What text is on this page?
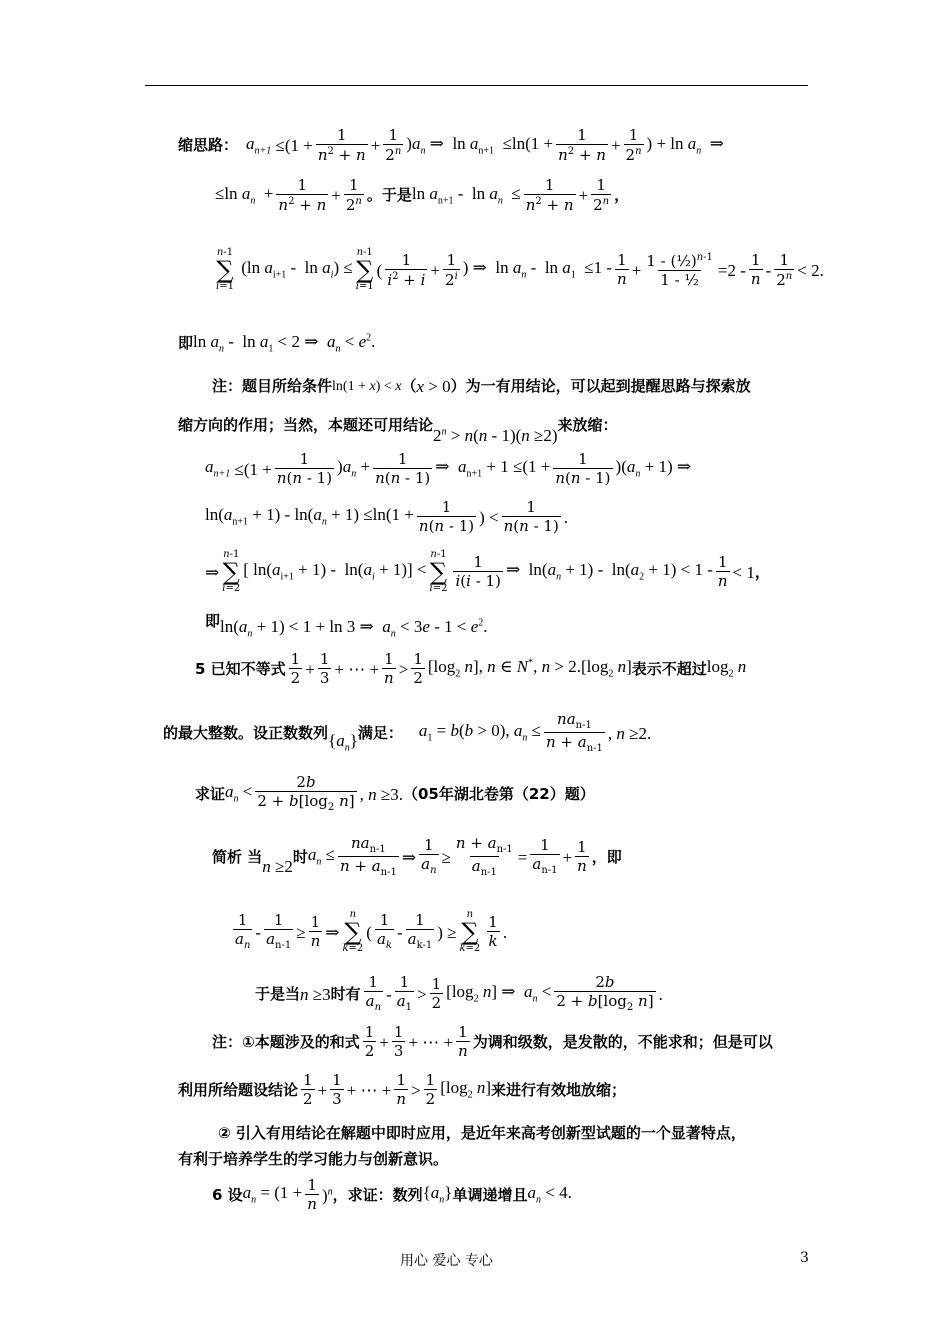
缩思路： $a_{n+1} \le(1 + \frac{1}{n^2 + n} + \frac{1}{2^n} )a_n$ ⇒  $\ln a_{n+1} \le\ln(1 + \frac{1}{n^2 + n} + \frac{1}{2^n}$ ) + $\ln a_n$  ⇒
≤ln $a_n + \frac{1}{n^2 + n} + \frac{1}{2^n}$ 。于是 $\ln a_{n+1} - \ln a_n \le \frac{1}{n^2 + n} + \frac{1}{2^n}$ ，
n-1
∑
i=1
(ln $a_{i+1}$ -  $\ln a_i$) ≤
n-1
∑
i=1
( $\frac{1}{i^2 + i} + \frac{1}{2^i}$ ) ⇒  $\ln a_n - \ln a_1 \le 1 - \frac{1}{n} + \frac{1 - (\frac{1}{2})^{n-1}}{\text{1 - ½}} =2 - \frac{1}{n} - \frac{1}{2^n} < 2$.
即 $\ln a_n - \ln a_1 < 2$ ⇒  $a_n < e^2$.
注：题目所给条件 ln(1 + x) < x （ x > 0 ）为一有用结论，可以起到提醒思路与探索放
缩方向的作用；当然，本题还可用结论
$2^n > n(n - 1)(n \ge 2)$
来放缩：
$a_{n+1} \le(1 + \frac{1}{n(n - 1)} )a_n + \frac{1}{n(n - 1)}$ ⇒  $a_{n+1} + 1 \le(1 + \frac{1}{n(n - 1)} )(a_n + 1)$ ⇒
$\ln(a_{n+1} + 1) - \ln(a_n + 1) \le\ln(1 + \frac{1}{n(n - 1)}$ ) < $\frac{1}{n(n - 1)}$ .
⇒
n-1
∑
i=2
[ $\ln(a_{i+1} + 1) - \ln(a_i + 1)$] <
n-1
∑
$i=2 \frac{1}{i(i - 1)}$ ⇒  $\ln(a_n + 1) - \ln(a_2 + 1) < 1 - \frac{1}{n} < 1$ ，
即 $\ln(a_n + 1) < 1 + \ln 3$ ⇒  $a_n < 3e - 1 < e^2$.
5 已知不等式 $\frac{1}{2} + \frac{1}{3}$ + ⋯ + $\frac{1}{n} > \frac{1}{2} [\log_2$ n], n ∈ N*, $n > 2.[\log_2$ n] 表示不超过 $\log_2 n$
的最大整数。设正数数列 $\{a_n\}$ 满足： $a_1 = b(b > 0)$, $a_n \le \frac{na_{n-1}}{n + a_{n-1}}$ , n ≥2.
求证 $a_n < \frac{2b}{2 + b[\log_2 n]}$ , n ≥3. （05年湖北卷第（22）题）
简析 当 n ≥2 时 $a_n \le \frac{na_{n-1}}{n + a_{n-1}}$ ⇒ $\frac{1}{a_n} \ge \frac{n + a_{n-1}}{a_{n-1}} = \frac{1}{a_{n-1}} + \frac{1}{n}$ ，即
$\frac{1}{a_n} - \frac{1}{a_{n-1}} \ge \frac{1}{n}$ ⇒
n
∑
k=2
( $\frac{1}{a_k} - \frac{1}{a_{k-1}}$ ) ≥
n
∑
$k=2 \frac{1}{k}$ .
于是当 n ≥3 时有 $\frac{1}{a_n} - \frac{1}{a_1} > \frac{1}{2} [\log_2$ n] ⇒  $a_n < \frac{2b}{2 + b[\log_2 n]}$ .
注：①本题涉及的和式 $\frac{1}{2} + \frac{1}{3}$ + ⋯ + $\frac{1}{n}$ 为调和级数，是发散的，不能求和；但是可以
利用所给题设结论 $\frac{1}{2} + \frac{1}{3}$ + ⋯ + $\frac{1}{n} > \frac{1}{2} [\log_2$ n] 来进行有效地放缩；
② 引入有用结论在解题中即时应用，是近年来高考创新型试题的一个显著特点，
有利于培养学生的学习能力与创新意识。
6 设 $a_n = (1 + \frac{1}{n} )^n$ ，求证：数列 $\{a_n\}$ 单调递增且 $a_n < 4$.
用心 爱心 专心	3
